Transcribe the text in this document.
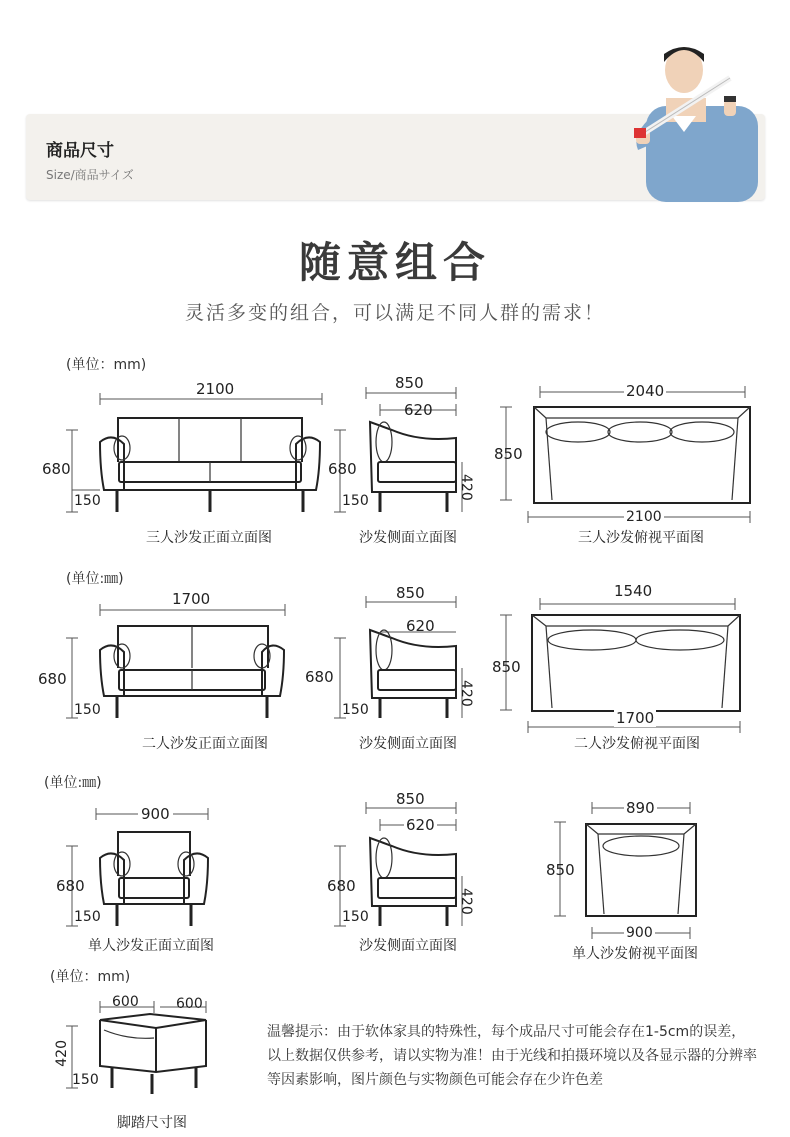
商品尺寸
Size/商品サイズ
随意组合
灵活多变的组合，可以满足不同人群的需求！
(单位：mm)
2100
680
150
三人沙发正面立面图
850
620
680
150
420
沙发侧面立面图
2040
850
2100
三人沙发俯视平面图
(单位:㎜)
1700
680
150
二人沙发正面立面图
850
620
680
150
420
沙发侧面立面图
1540
850
1700
二人沙发俯视平面图
(单位:㎜)
900
680
150
单人沙发正面立面图
850
620
680
150
420
沙发侧面立面图
890
850
900
单人沙发俯视平面图
(单位：mm)
600	600
420
150
脚踏尺寸图
温馨提示：由于软体家具的特殊性，每个成品尺寸可能会存在1-5cm的误差，以上数据仅供参考，请以实物为准！由于光线和拍摄环境以及各显示器的分辨率等因素影响，图片颜色与实物颜色可能会存在少许色差
